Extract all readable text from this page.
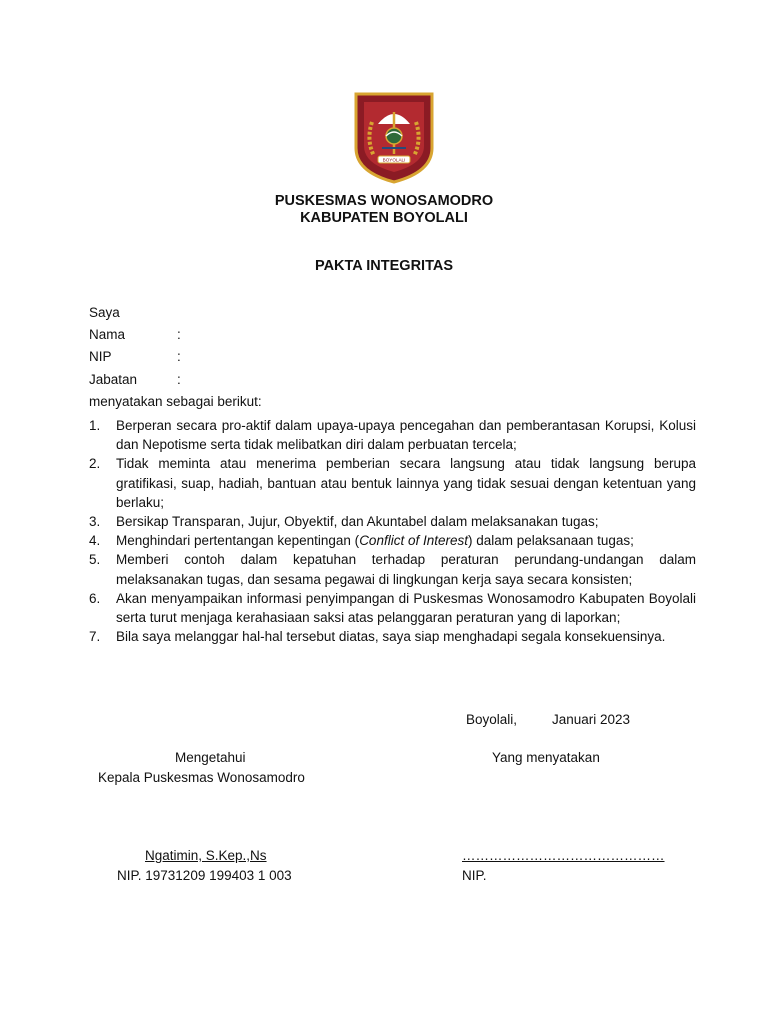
BOYOLALI
PUSKESMAS WONOSAMODRO
KABUPATEN BOYOLALI
PAKTA INTEGRITAS
Saya
Nama	:
NIP	:
Jabatan	:
menyatakan sebagai berikut:
1. Berperan secara pro-aktif dalam upaya-upaya pencegahan dan pemberantasan Korupsi, Kolusi dan Nepotisme serta tidak melibatkan diri dalam perbuatan tercela;
2. Tidak meminta atau menerima pemberian secara langsung atau tidak langsung berupa gratifikasi, suap, hadiah, bantuan atau bentuk lainnya yang tidak sesuai dengan ketentuan yang berlaku;
3. Bersikap Transparan, Jujur, Obyektif, dan Akuntabel dalam melaksanakan tugas;
4. Menghindari pertentangan kepentingan (Conflict of Interest) dalam pelaksanaan tugas;
5. Memberi contoh dalam kepatuhan terhadap peraturan perundang-undangan dalam melaksanakan tugas, dan sesama pegawai di lingkungan kerja saya secara konsisten;
6. Akan menyampaikan informasi penyimpangan di Puskesmas Wonosamodro Kabupaten Boyolali serta turut menjaga kerahasiaan saksi atas pelanggaran peraturan yang di laporkan;
7. Bila saya melanggar hal-hal tersebut diatas, saya siap menghadapi segala konsekuensinya.
Boyolali,	Januari 2023
Mengetahui
Kepala Puskesmas Wonosamodro
Yang menyatakan
Ngatimin, S.Kep.,Ns
NIP. 19731209 199403 1 003
………………………………………
NIP.
